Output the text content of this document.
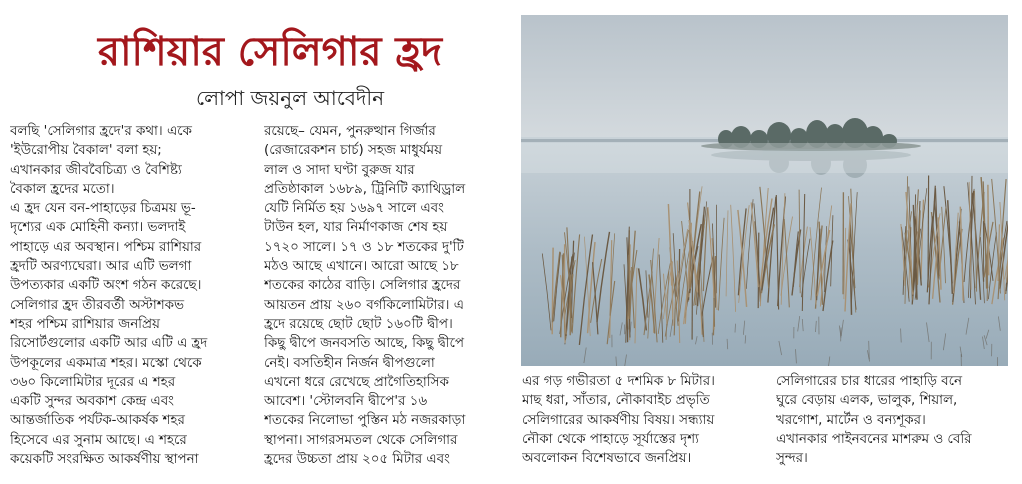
রাশিয়ার সেলিগার হ্রদ
লোপা জয়নুল আবেদীন
বলছি 'সেলিগার হ্রদে'র কথা। একে
'ইউরোপীয় বৈকাল' বলা হয়;
এখানকার জীববৈচিত্র্য ও বৈশিষ্ট্য
বৈকাল হ্রদের মতো।
এ হ্রদ যেন বন-পাহাড়ের চিত্রময় ভূ-
দৃশ্যের এক মোহিনী কন্যা। ভলদাই
পাহাড়ে এর অবস্থান। পশ্চিম রাশিয়ার
হ্রদটি অরণ্যঘেরা। আর এটি ভলগা
উপত্যকার একটি অংশ গঠন করেছে।
সেলিগার হ্রদ তীরবর্তী অস্টাশকভ
শহর পশ্চিম রাশিয়ার জনপ্রিয়
রিসোর্টগুলোর একটি আর এটি এ হ্রদ
উপকূলের একমাত্র শহর। মস্কো থেকে
৩৬০ কিলোমিটার দূরের এ শহর
একটি সুন্দর অবকাশ কেন্দ্র এবং
আন্তর্জাতিক পর্যটক-আকর্ষক শহর
হিসেবে এর সুনাম আছে। এ শহরে
কয়েকটি সংরক্ষিত আকর্ষণীয় স্থাপনা
রয়েছে– যেমন, পুনরুত্থান গির্জার
(রেজারেকশন চার্চ) সহজ মাধুর্যময়
লাল ও সাদা ঘণ্টা বুরুজ যার
প্রতিষ্ঠাকাল ১৬৮৯, ট্রিনিটি ক্যাথিড্রাল
যেটি নির্মিত হয় ১৬৯৭ সালে এবং
টাউন হল, যার নির্মাণকাজ শেষ হয়
১৭২০ সালে। ১৭ ও ১৮ শতকের দু'টি
মঠও আছে এখানে। আরো আছে ১৮
শতকের কাঠের বাড়ি। সেলিগার হ্রদের
আয়তন প্রায় ২৬০ বর্গকিলোমিটার। এ
হ্রদে রয়েছে ছোট ছোট ১৬০টি দ্বীপ।
কিছু দ্বীপে জনবসতি আছে, কিছু দ্বীপে
নেই। বসতিহীন নির্জন দ্বীপগুলো
এখনো ধরে রেখেছে প্রাগৈতিহাসিক
আবেশ। 'স্টোলবনি দ্বীপে'র ১৬
শতকের নিলোভা পুস্তিন মঠ নজরকাড়া
স্থাপনা। সাগরসমতল থেকে সেলিগার
হ্রদের উচ্চতা প্রায় ২০৫ মিটার এবং
এর গড় গভীরতা ৫ দশমিক ৮ মিটার।
মাছ ধরা, সাঁতার, নৌকাবাইচ প্রভৃতি
সেলিগারের আকর্ষণীয় বিষয়। সন্ধ্যায়
নৌকা থেকে পাহাড়ে সূর্যাস্তের দৃশ্য
অবলোকন বিশেষভাবে জনপ্রিয়।
সেলিগারের চার ধারের পাহাড়ি বনে
ঘুরে বেড়ায় এলক, ভালুক, শিয়াল,
খরগোশ, মার্টেন ও বন্যশূকর।
এখানকার পাইনবনের মাশরুম ও বেরি
সুন্দর।
